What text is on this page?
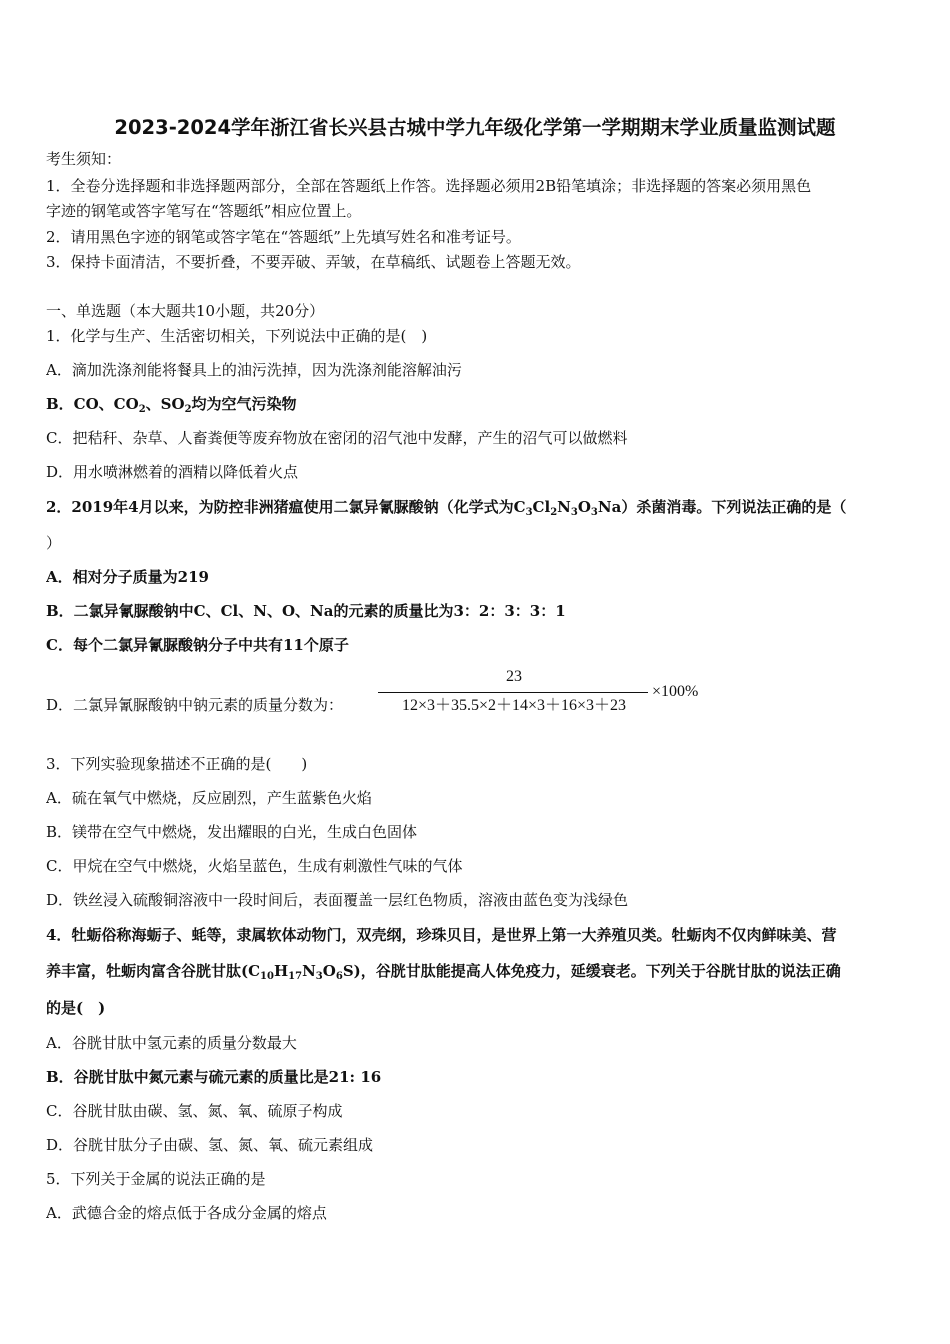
2023-2024学年浙江省长兴县古城中学九年级化学第一学期期末学业质量监测试题
考生须知：
1．全卷分选择题和非选择题两部分，全部在答题纸上作答。选择题必须用2B铅笔填涂；非选择题的答案必须用黑色
字迹的钢笔或答字笔写在“答题纸”相应位置上。
2．请用黑色字迹的钢笔或答字笔在“答题纸”上先填写姓名和准考证号。
3．保持卡面清洁，不要折叠，不要弄破、弄皱，在草稿纸、试题卷上答题无效。
一、单选题（本大题共10小题，共20分）
1．化学与生产、生活密切相关，下列说法中正确的是(　)
A．滴加洗涤剂能将餐具上的油污洗掉，因为洗涤剂能溶解油污
B．CO、$CO_2$、$SO_2$均为空气污染物
C．把秸秆、杂草、人畜粪便等废弃物放在密闭的沼气池中发酵，产生的沼气可以做燃料
D．用水喷淋燃着的酒精以降低着火点
2．2019年4月以来，为防控非洲猪瘟使用二氯异氰脲酸钠（化学式为$C_3Cl_2N_3O_3Na$）杀菌消毒。下列说法正确的是（
）
A．相对分子质量为219
B．二氯异氰脲酸钠中C、Cl、N、O、Na的元素的质量比为3：2：3：3：1
C．每个二氯异氰脲酸钠分子中共有11个原子
D．二氯异氰脲酸钠中钠元素的质量分数为：
23
12×3＋35.5×2＋14×3＋16×3＋23
×100%
3．下列实验现象描述不正确的是(　　)
A．硫在氧气中燃烧，反应剧烈，产生蓝紫色火焰
B．镁带在空气中燃烧，发出耀眼的白光，生成白色固体
C．甲烷在空气中燃烧，火焰呈蓝色，生成有刺激性气味的气体
D．铁丝浸入硫酸铜溶液中一段时间后，表面覆盖一层红色物质，溶液由蓝色变为浅绿色
4．牡蛎俗称海蛎子、蚝等，隶属软体动物门，双壳纲，珍珠贝目，是世界上第一大养殖贝类。牡蛎肉不仅肉鲜味美、营
养丰富，牡蛎肉富含谷胱甘肽$(C_{10}H_{17}N_3O_6S)$，谷胱甘肽能提高人体免疫力，延缓衰老。下列关于谷胱甘肽的说法正确
的是(　)
A．谷胱甘肽中氢元素的质量分数最大
B．谷胱甘肽中氮元素与硫元素的质量比是21: 16
C．谷胱甘肽由碳、氢、氮、氧、硫原子构成
D．谷胱甘肽分子由碳、氢、氮、氧、硫元素组成
5．下列关于金属的说法正确的是
A．武德合金的熔点低于各成分金属的熔点
